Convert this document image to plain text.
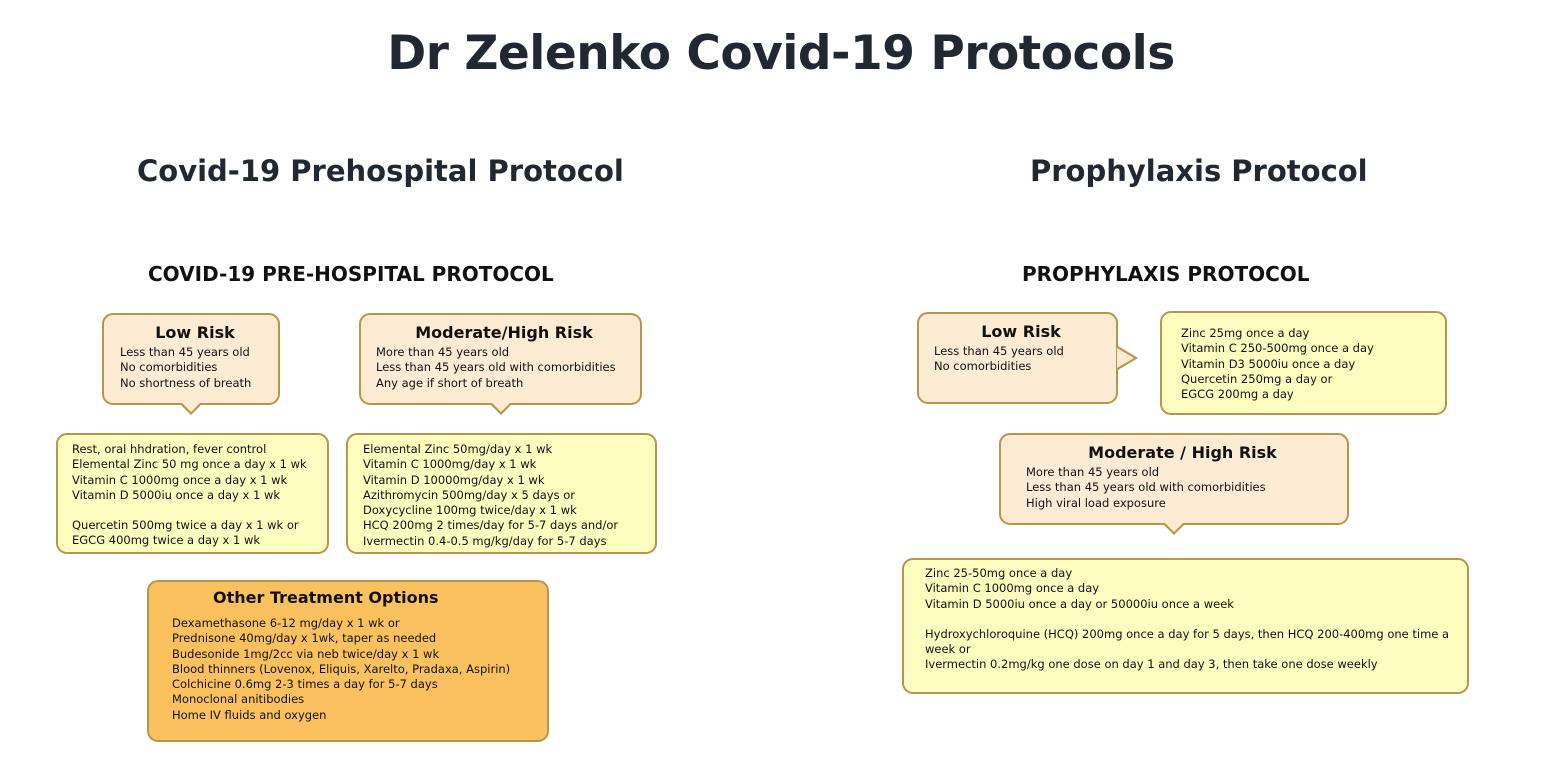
Dr Zelenko Covid-19 Protocols
Covid-19 Prehospital Protocol	Prophylaxis Protocol
COVID-19 PRE-HOSPITAL PROTOCOL	PROPHYLAXIS PROTOCOL
Low Risk
Less than 45 years old
No comorbidities
No shortness of breath
Moderate/High Risk
More than 45 years old
Less than 45 years old with comorbidities
Any age if short of breath
Rest, oral hhdration, fever control
Elemental Zinc 50 mg once a day x 1 wk
Vitamin C 1000mg once a day x 1 wk
Vitamin D 5000iu once a day x 1 wk
Quercetin 500mg twice a day x 1 wk or
EGCG 400mg twice a day x 1 wk
Elemental Zinc 50mg/day x 1 wk
Vitamin C 1000mg/day x 1 wk
Vitamin D 10000mg/day x 1 wk
Azithromycin 500mg/day x 5 days or
Doxycycline 100mg twice/day x 1 wk
HCQ 200mg 2 times/day for 5-7 days and/or
Ivermectin 0.4-0.5 mg/kg/day for 5-7 days
Other Treatment Options
Dexamethasone 6-12 mg/day x 1 wk or
Prednisone 40mg/day x 1wk, taper as needed
Budesonide 1mg/2cc via neb twice/day x 1 wk
Blood thinners (Lovenox, Eliquis, Xarelto, Pradaxa, Aspirin)
Colchicine 0.6mg 2-3 times a day for 5-7 days
Monoclonal anitibodies
Home IV fluids and oxygen
Low Risk
Less than 45 years old
No comorbidities
Zinc 25mg once a day
Vitamin C 250-500mg once a day
Vitamin D3 5000iu once a day
Quercetin 250mg a day or
EGCG 200mg a day
Moderate / High Risk
More than 45 years old
Less than 45 years old with comorbidities
High viral load exposure
Zinc 25-50mg once a day
Vitamin C 1000mg once a day
Vitamin D 5000iu once a day or 50000iu once a week
Hydroxychloroquine (HCQ) 200mg once a day for 5 days, then HCQ 200-400mg one time a week or
Ivermectin 0.2mg/kg one dose on day 1 and day 3, then take one dose weekly
